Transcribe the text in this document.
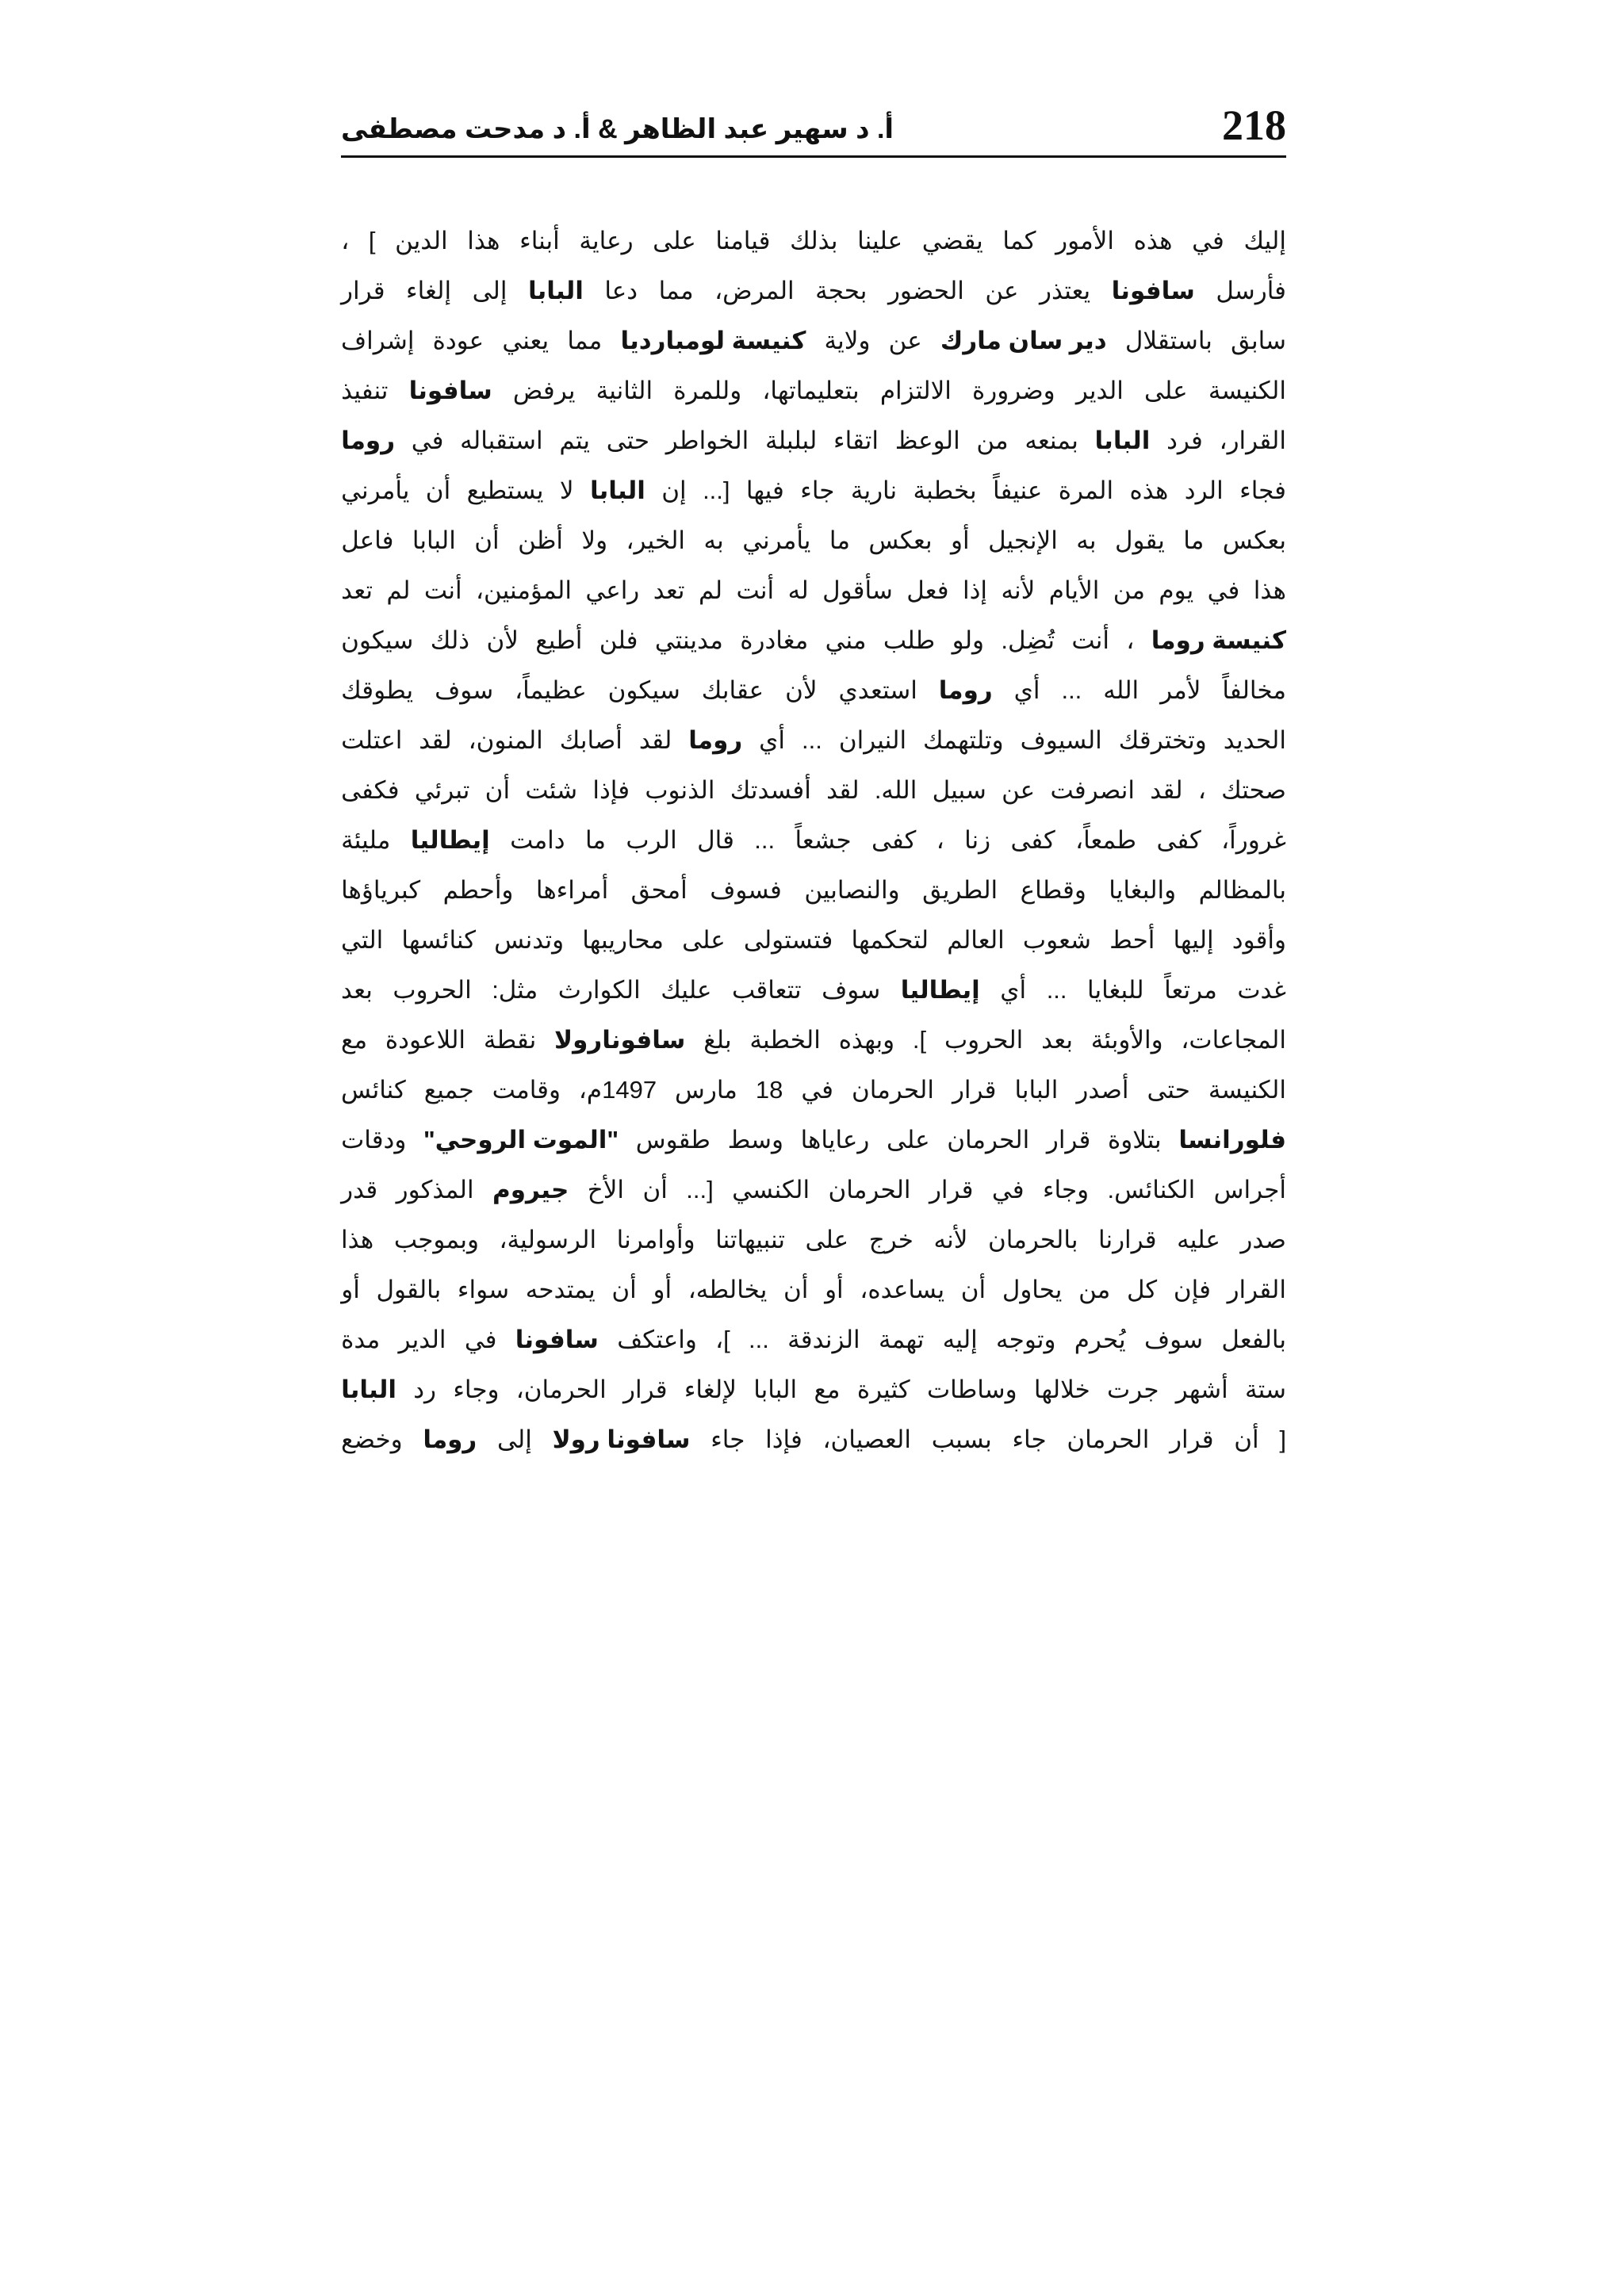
218
أ. د سهير عبد الظاهر & أ. د مدحت مصطفى
إليك
في
هذه
الأمور
كما
يقضي
علينا
بذلك
قيامنا
على
رعاية
أبناء
هذا
الدين
]
،
فأرسل
سافونا
يعتذر
عن
الحضور
بحجة
المرض،
مما
دعا
البابا
إلى
إلغاء
قرار
سابق
باستقلال
دير سان مارك
عن
ولاية
كنيسة لومبارديا
مما
يعني
عودة
إشراف
الكنيسة
على
الدير
وضرورة
الالتزام
بتعليماتها،
وللمرة
الثانية
يرفض
سافونا
تنفيذ
القرار،
فرد
البابا
بمنعه
من
الوعظ
اتقاء
لبلبلة
الخواطر
حتى
يتم
استقباله
في
روما
فجاء
الرد
هذه
المرة
عنيفاً
بخطبة
نارية
جاء
فيها
[...
إن
البابا
لا
يستطيع
أن
يأمرني
بعكس
ما
يقول
به
الإنجيل
أو
بعكس
ما
يأمرني
به
الخير،
ولا
أظن
أن
البابا
فاعل
هذا
في
يوم
من
الأيام
لأنه
إذا
فعل
سأقول
له
أنت
لم
تعد
راعي
المؤمنين،
أنت
لم
تعد
كنيسة روما
،
أنت
تُضِل.
ولو
طلب
مني
مغادرة
مدينتي
فلن
أطيع
لأن
ذلك
سيكون
مخالفاً
لأمر
الله
...
أي
روما
استعدي
لأن
عقابك
سيكون
عظيماً،
سوف
يطوقك
الحديد
وتخترقك
السيوف
وتلتهمك
النيران
...
أي
روما
لقد
أصابك
المنون،
لقد
اعتلت
صحتك
،
لقد
انصرفت
عن
سبيل
الله.
لقد
أفسدتك
الذنوب
فإذا
شئت
أن
تبرئي
فكفى
غروراً،
كفى
طمعاً،
كفى
زنا
،
كفى
جشعاً
...
قال
الرب
ما
دامت
إيطاليا
مليئة
بالمظالم
والبغايا
وقطاع
الطريق
والنصابين
فسوف
أمحق
أمراءها
وأحطم
كبرياؤها
وأقود
إليها
أحط
شعوب
العالم
لتحكمها
فتستولى
على
محاريبها
وتدنس
كنائسها
التي
غدت
مرتعاً
للبغايا
...
أي
إيطاليا
سوف
تتعاقب
عليك
الكوارث
مثل:
الحروب
بعد
المجاعات،
والأوبئة
بعد
الحروب
].
وبهذه
الخطبة
بلغ
سافونارولا
نقطة
اللاعودة
مع
الكنيسة
حتى
أصدر
البابا
قرار
الحرمان
في
18
مارس
1497م،
وقامت
جميع
كنائس
فلورانسا
بتلاوة
قرار
الحرمان
على
رعاياها
وسط
طقوس
"الموت الروحي"
ودقات
أجراس
الكنائس.
وجاء
في
قرار
الحرمان
الكنسي
[...
أن
الأخ
جيروم
المذكور
قدر
صدر
عليه
قرارنا
بالحرمان
لأنه
خرج
على
تنبيهاتنا
وأوامرنا
الرسولية،
وبموجب
هذا
القرار
فإن
كل
من
يحاول
أن
يساعده،
أو
أن
يخالطه،
أو
أن
يمتدحه
سواء
بالقول
أو
بالفعل
سوف
يُحرم
وتوجه
إليه
تهمة
الزندقة
...
]،
واعتكف
سافونا
في
الدير
مدة
ستة
أشهر
جرت
خلالها
وساطات
كثيرة
مع
البابا
لإلغاء
قرار
الحرمان،
وجاء
رد
البابا
[
أن
قرار
الحرمان
جاء
بسبب
العصيان،
فإذا
جاء
سافونا رولا
إلى
روما
وخضع
